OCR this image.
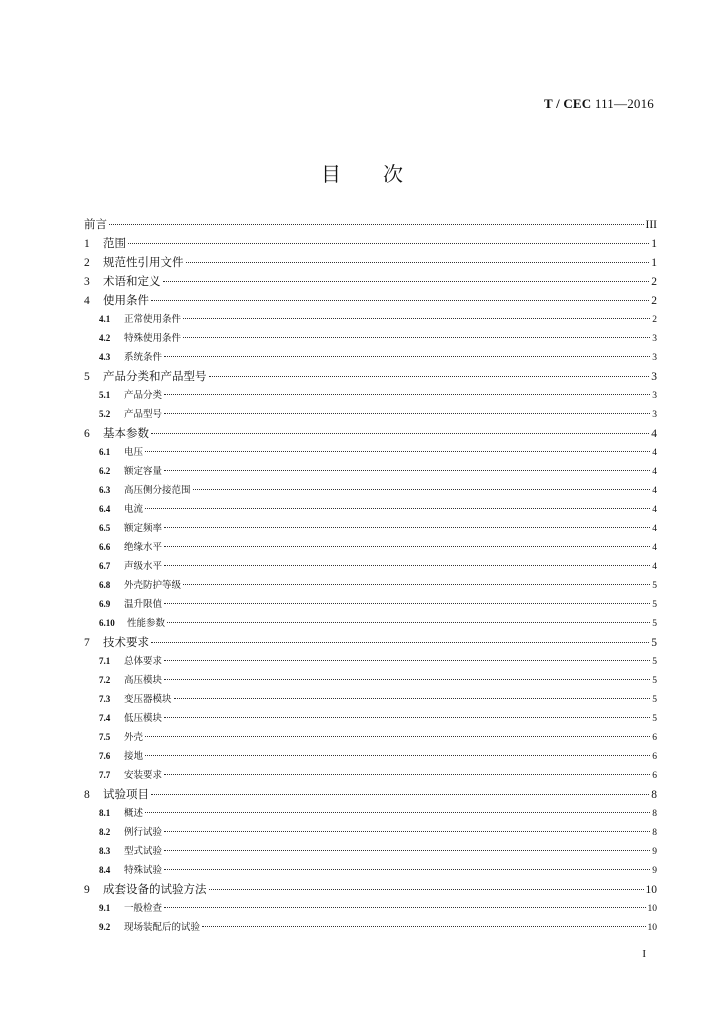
T / CEC 111—2016
目 次
前言	III
1	范围	1
2	规范性引用文件	1
3	术语和定义	2
4	使用条件	2
4.1	正常使用条件	2
4.2	特殊使用条件	3
4.3	系统条件	3
5	产品分类和产品型号	3
5.1	产品分类	3
5.2	产品型号	3
6	基本参数	4
6.1	电压	4
6.2	额定容量	4
6.3	高压侧分接范围	4
6.4	电流	4
6.5	额定频率	4
6.6	绝缘水平	4
6.7	声级水平	4
6.8	外壳防护等级	5
6.9	温升限值	5
6.10	性能参数	5
7	技术要求	5
7.1	总体要求	5
7.2	高压模块	5
7.3	变压器模块	5
7.4	低压模块	5
7.5	外壳	6
7.6	接地	6
7.7	安装要求	6
8	试验项目	8
8.1	概述	8
8.2	例行试验	8
8.3	型式试验	9
8.4	特殊试验	9
9	成套设备的试验方法	10
9.1	一般检查	10
9.2	现场装配后的试验	10
I
